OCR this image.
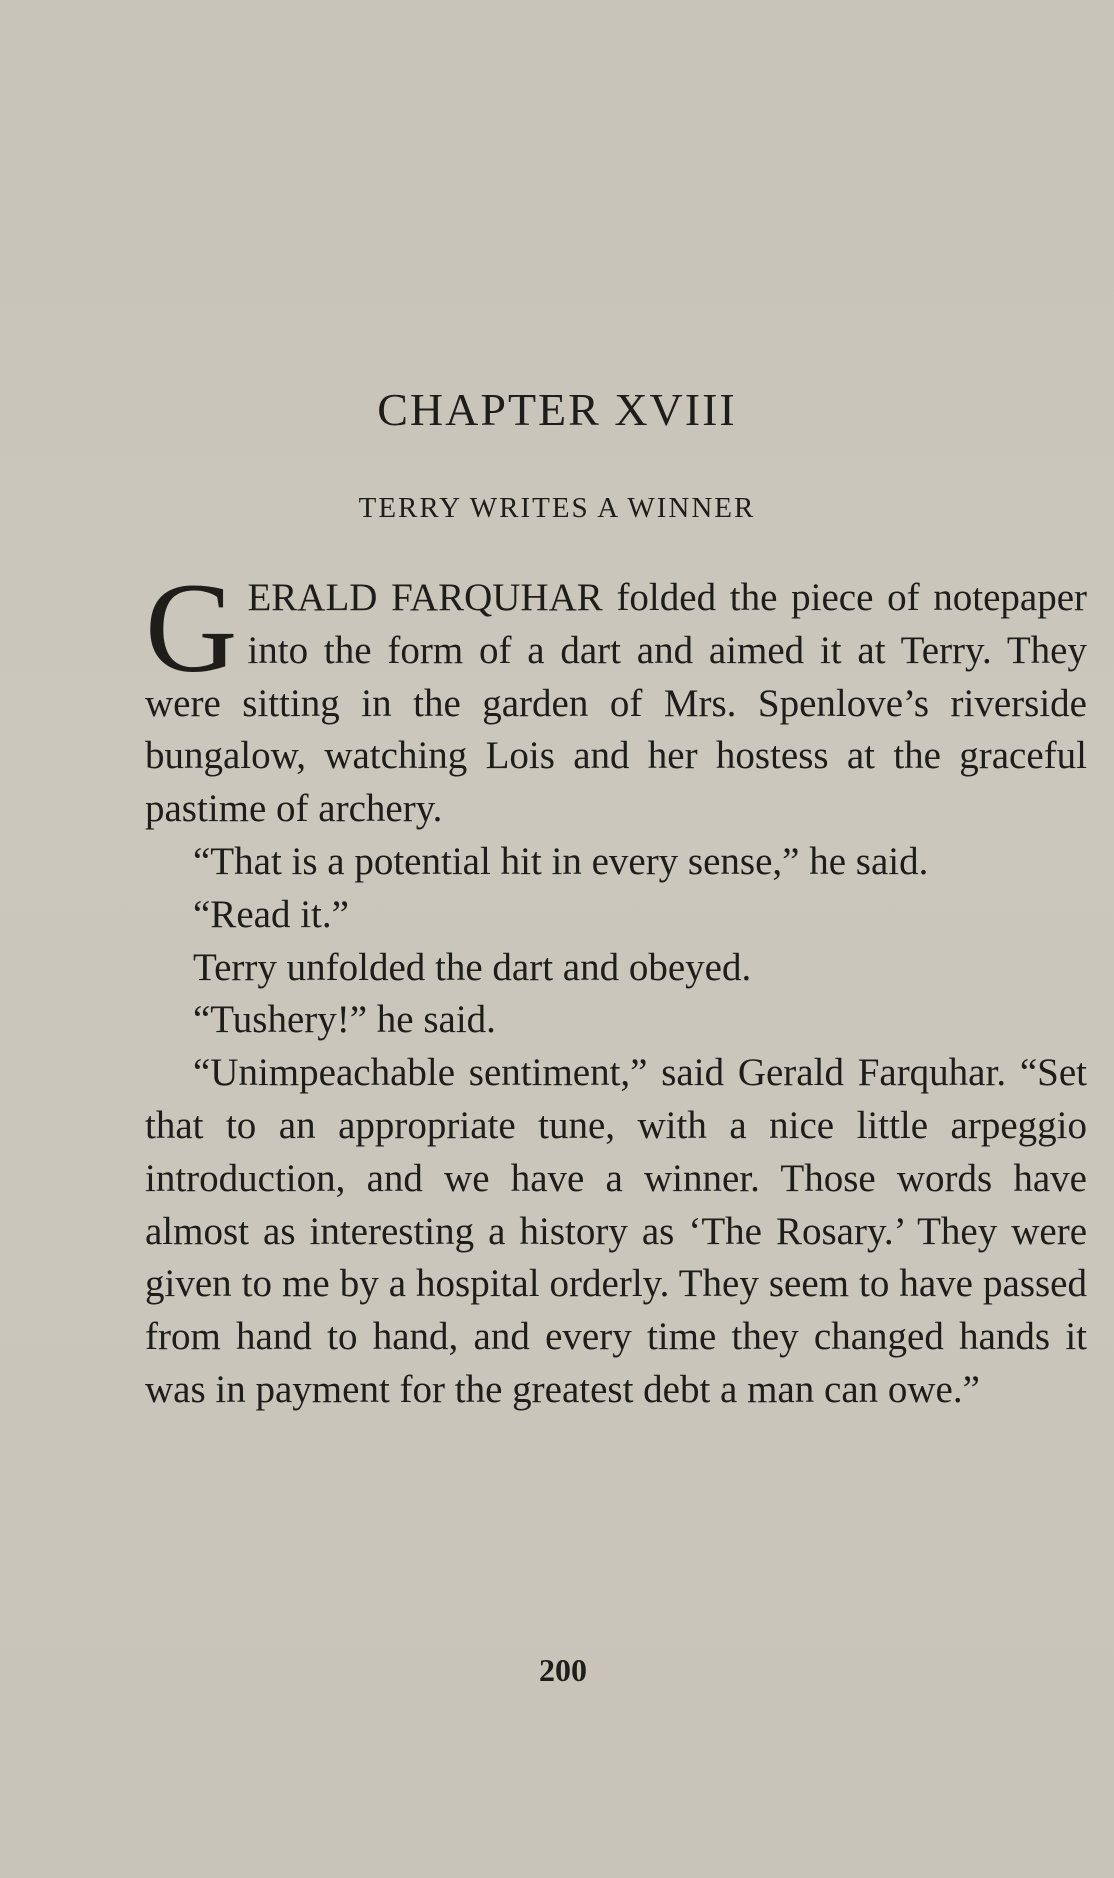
CHAPTER XVIII
TERRY WRITES A WINNER

GERALD FARQUHAR folded the piece of notepaper into the form of a dart and aimed it at Terry. They were sitting in the garden of Mrs. Spenlove’s riverside bungalow, watching Lois and her hostess at the graceful pastime of archery.

“That is a potential hit in every sense,” he said.

“Read it.”

Terry unfolded the dart and obeyed.

“Tushery!” he said.

“Unimpeachable sentiment,” said Gerald Farquhar. “Set that to an appropriate tune, with a nice little arpeggio introduction, and we have a winner. Those words have almost as interesting a history as ‘The Rosary.’ They were given to me by a hospital orderly. They seem to have passed from hand to hand, and every time they changed hands it was in payment for the greatest debt a man can owe.”

200
